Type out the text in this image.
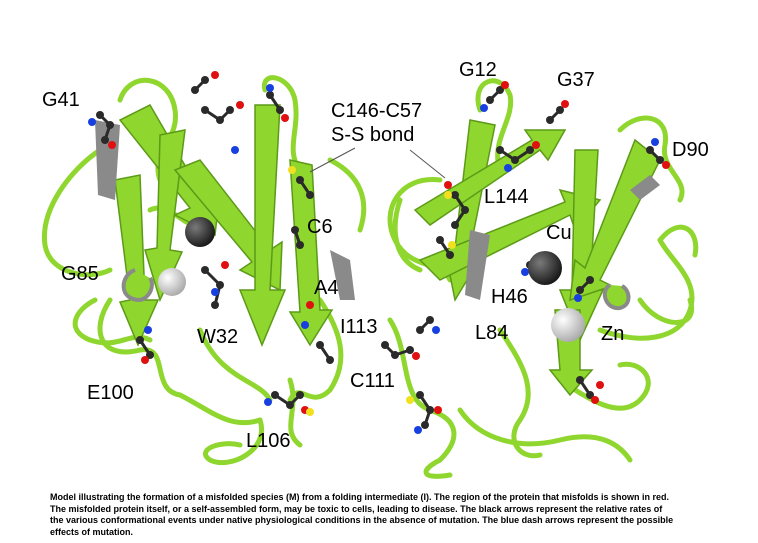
G41
G12	G37
C146-C57
S-S bond
D90
L144
C6	Cu
G85
A4	H46
I113	L84
W32	Zn
C111
E100
L106
Model illustrating the formation of a misfolded species (M) from a folding intermediate (I). The region of the protein that misfolds is shown in red.
The misfolded protein itself, or a self-assembled form, may be toxic to cells, leading to disease. The black arrows represent the relative rates of
the various conformational events under native physiological conditions in the absence of mutation. The blue dash arrows represent the possible
effects of mutation.
